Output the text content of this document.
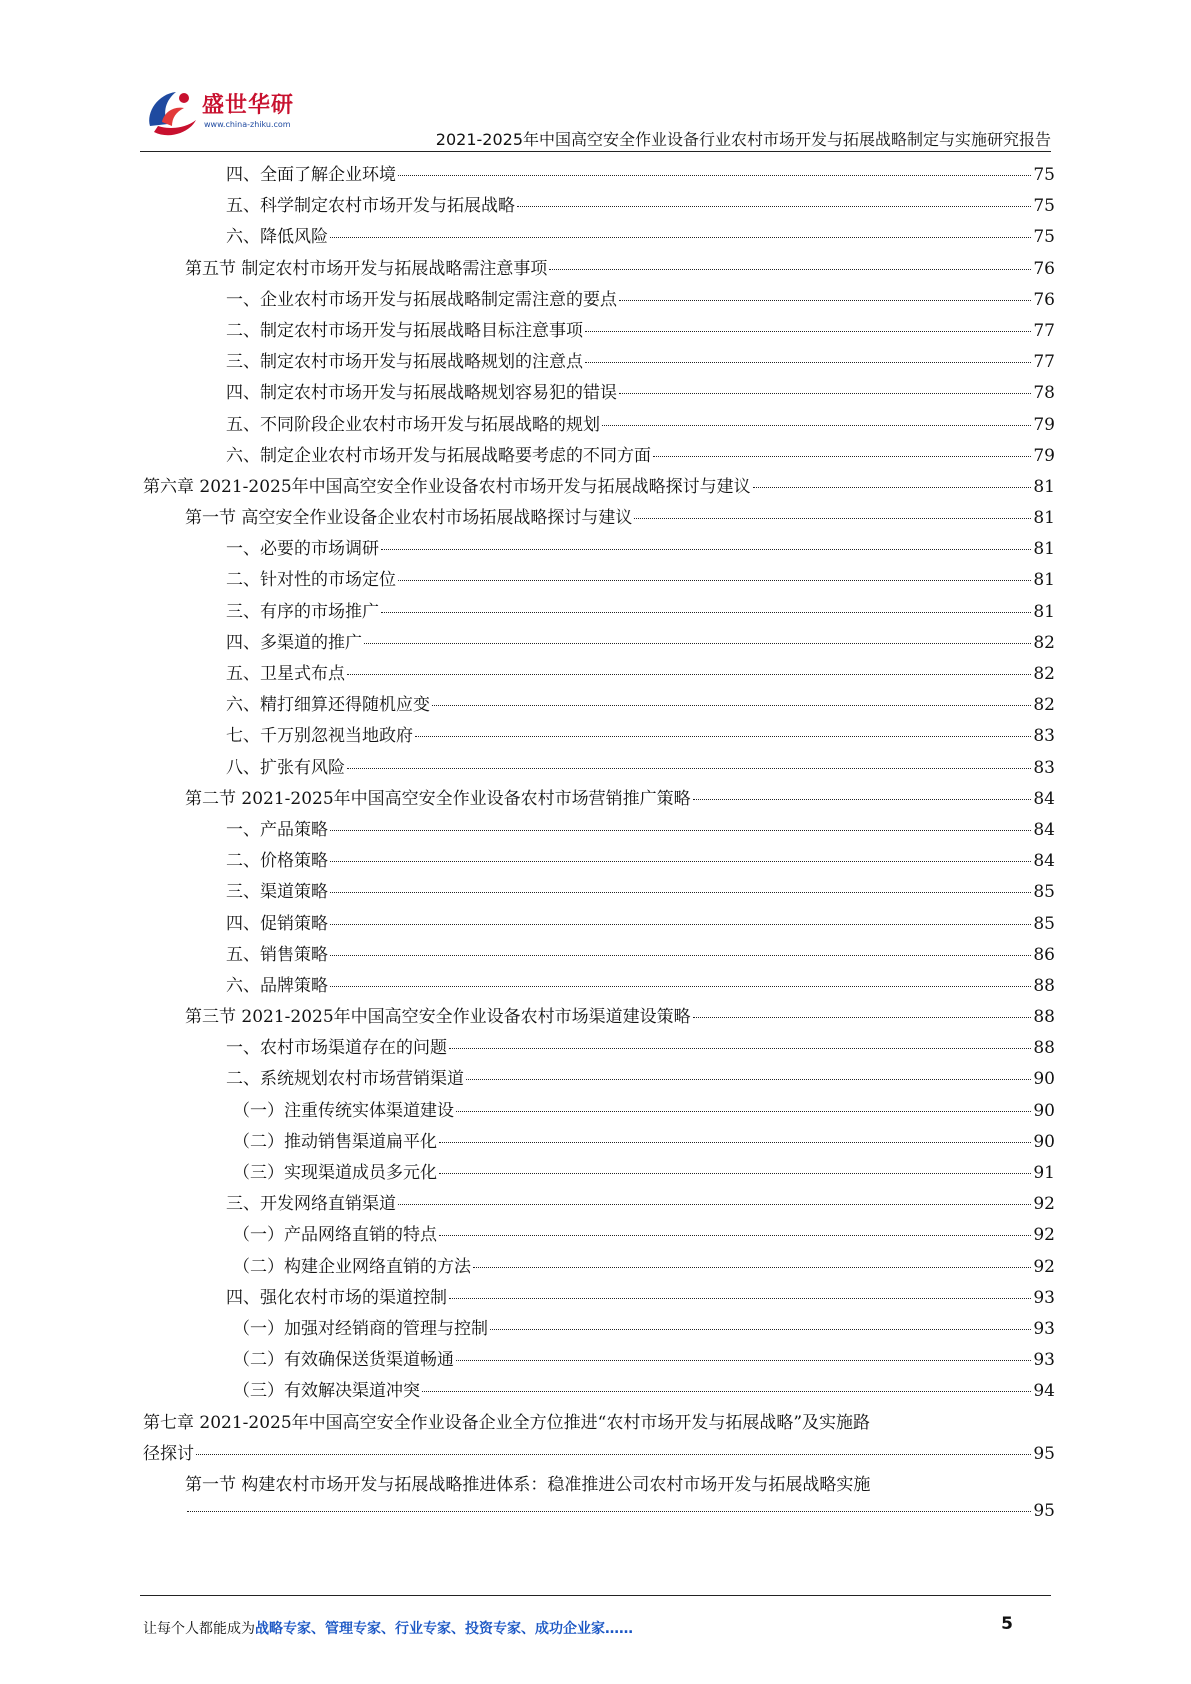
盛世华研
www.china-zhiku.com
2021-2025年中国高空安全作业设备行业农村市场开发与拓展战略制定与实施研究报告
四、全面了解企业环境	75
五、科学制定农村市场开发与拓展战略	75
六、降低风险	75
第五节 制定农村市场开发与拓展战略需注意事项	76
一、企业农村市场开发与拓展战略制定需注意的要点	76
二、制定农村市场开发与拓展战略目标注意事项	77
三、制定农村市场开发与拓展战略规划的注意点	77
四、制定农村市场开发与拓展战略规划容易犯的错误	78
五、不同阶段企业农村市场开发与拓展战略的规划	79
六、制定企业农村市场开发与拓展战略要考虑的不同方面	79
第六章 2021-2025年中国高空安全作业设备农村市场开发与拓展战略探讨与建议	81
第一节 高空安全作业设备企业农村市场拓展战略探讨与建议	81
一、必要的市场调研	81
二、针对性的市场定位	81
三、有序的市场推广	81
四、多渠道的推广	82
五、卫星式布点	82
六、精打细算还得随机应变	82
七、千万别忽视当地政府	83
八、扩张有风险	83
第二节 2021-2025年中国高空安全作业设备农村市场营销推广策略	84
一、产品策略	84
二、价格策略	84
三、渠道策略	85
四、促销策略	85
五、销售策略	86
六、品牌策略	88
第三节 2021-2025年中国高空安全作业设备农村市场渠道建设策略	88
一、农村市场渠道存在的问题	88
二、系统规划农村市场营销渠道	90
（一）注重传统实体渠道建设	90
（二）推动销售渠道扁平化	90
（三）实现渠道成员多元化	91
三、开发网络直销渠道	92
（一）产品网络直销的特点	92
（二）构建企业网络直销的方法	92
四、强化农村市场的渠道控制	93
（一）加强对经销商的管理与控制	93
（二）有效确保送货渠道畅通	93
（三）有效解决渠道冲突	94
第七章 2021-2025年中国高空安全作业设备企业全方位推进“农村市场开发与拓展战略”及实施路
径探讨	95
第一节 构建农村市场开发与拓展战略推进体系：稳准推进公司农村市场开发与拓展战略实施
95
让每个人都能成为战略专家、管理专家、行业专家、投资专家、成功企业家……	5
